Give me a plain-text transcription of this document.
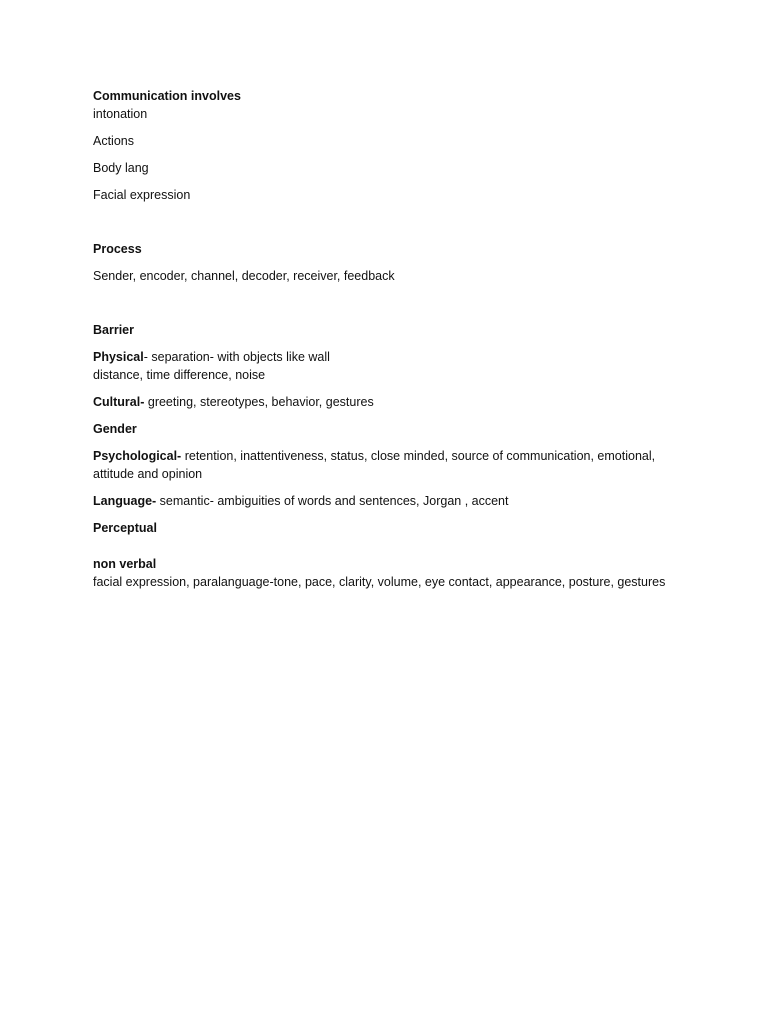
Communication involves

intonation

Actions

Body lang

Facial expression

Process

Sender, encoder, channel, decoder, receiver, feedback

Barrier

Physical- separation- with objects like wall

distance, time difference, noise

Cultural- greeting, stereotypes, behavior, gestures

Gender

Psychological- retention, inattentiveness, status, close minded, source of communication, emotional, attitude and opinion

Language- semantic- ambiguities of words and sentences, Jorgan , accent

Perceptual

non verbal

facial expression, paralanguage-tone, pace, clarity, volume, eye contact, appearance, posture, gestures
